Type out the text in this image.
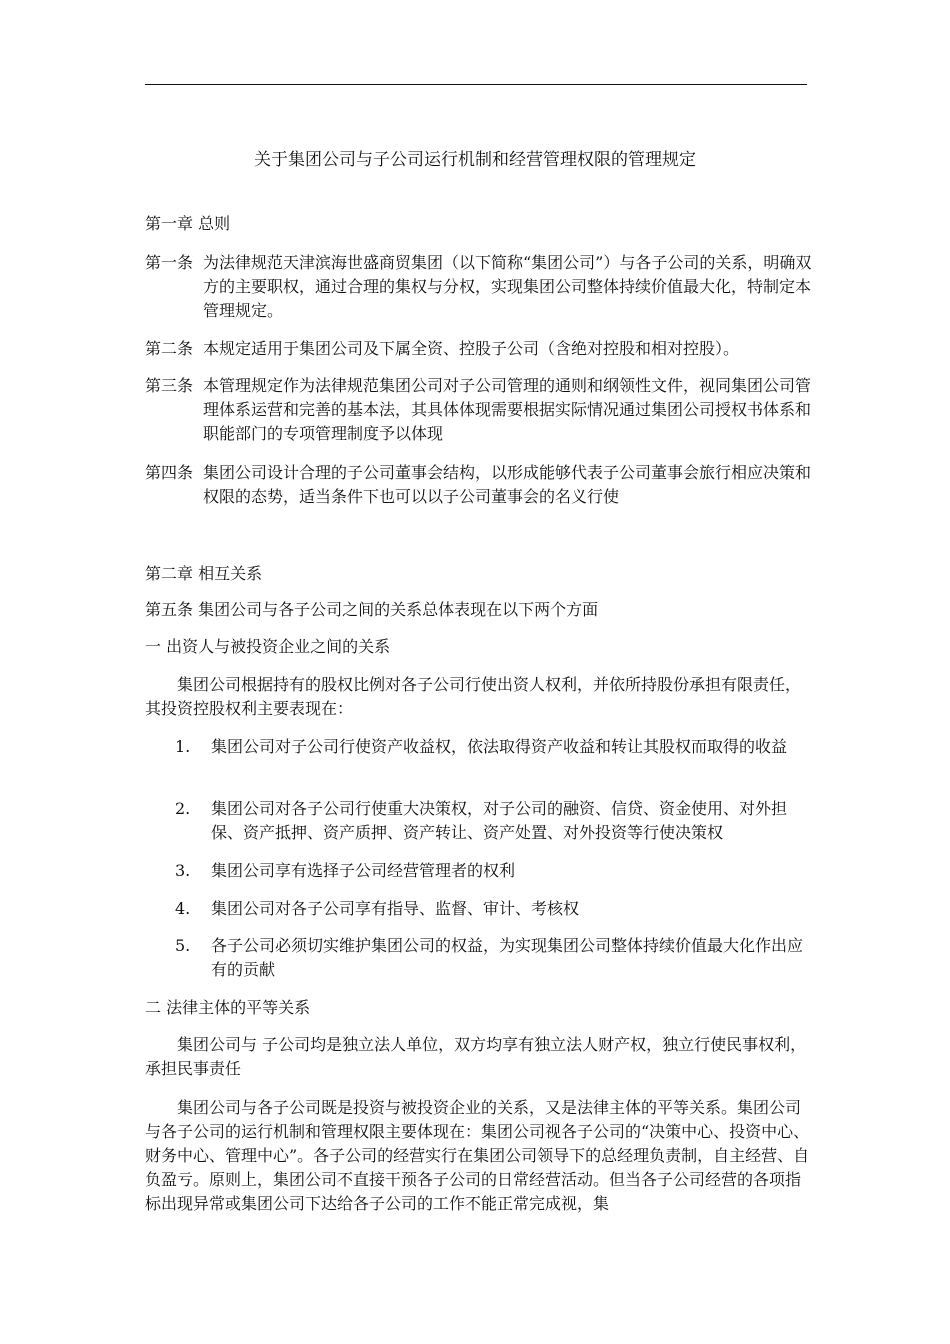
关于集团公司与子公司运行机制和经营管理权限的管理规定
第一章 总则
第一条 为法律规范天津滨海世盛商贸集团（以下简称“集团公司”）与各子公司的关系，明确双方的主要职权，通过合理的集权与分权，实现集团公司整体持续价值最大化，特制定本管理规定。
第二条 本规定适用于集团公司及下属全资、控股子公司（含绝对控股和相对控股）。
第三条 本管理规定作为法律规范集团公司对子公司管理的通则和纲领性文件，视同集团公司管理体系运营和完善的基本法，其具体体现需要根据实际情况通过集团公司授权书体系和职能部门的专项管理制度予以体现
第四条 集团公司设计合理的子公司董事会结构，以形成能够代表子公司董事会旅行相应决策和权限的态势，适当条件下也可以以子公司董事会的名义行使
第二章 相互关系
第五条 集团公司与各子公司之间的关系总体表现在以下两个方面
一 出资人与被投资企业之间的关系
集团公司根据持有的股权比例对各子公司行使出资人权利，并依所持股份承担有限责任，其投资控股权利主要表现在：
1.	集团公司对子公司行使资产收益权，依法取得资产收益和转让其股权而取得的收益
2.	集团公司对各子公司行使重大决策权，对子公司的融资、信贷、资金使用、对外担保、资产抵押、资产质押、资产转让、资产处置、对外投资等行使决策权
3.	集团公司享有选择子公司经营管理者的权利
4.	集团公司对各子公司享有指导、监督、审计、考核权
5.	各子公司必须切实维护集团公司的权益，为实现集团公司整体持续价值最大化作出应有的贡献
二 法律主体的平等关系
集团公司与 子公司均是独立法人单位，双方均享有独立法人财产权，独立行使民事权利，承担民事责任
集团公司与各子公司既是投资与被投资企业的关系，又是法律主体的平等关系。集团公司与各子公司的运行机制和管理权限主要体现在：集团公司视各子公司的“决策中心、投资中心、财务中心、管理中心”。各子公司的经营实行在集团公司领导下的总经理负责制，自主经营、自负盈亏。原则上，集团公司不直接干预各子公司的日常经营活动。但当各子公司经营的各项指标出现异常或集团公司下达给各子公司的工作不能正常完成视，集
